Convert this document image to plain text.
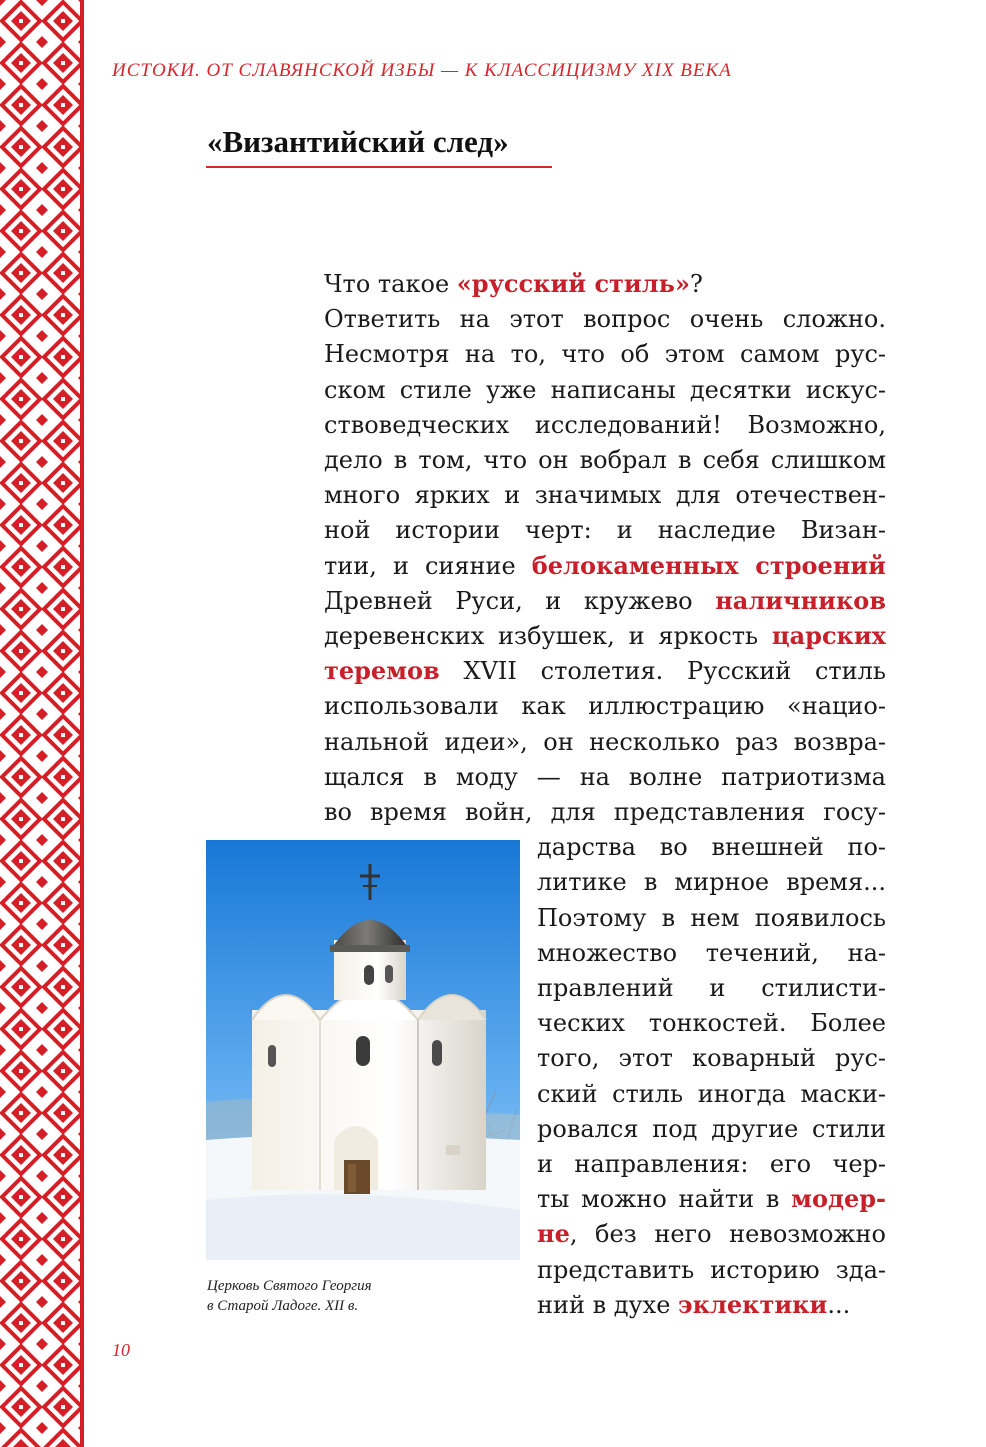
ИСТОКИ. ОТ СЛАВЯНСКОЙ ИЗБЫ — К КЛАССИЦИЗМУ XIX ВЕКА
«Византийский след»
Что такое «русский стиль»?
Ответить на этот вопрос очень сложно.
Несмотря на то, что об этом самом рус-
ском стиле уже написаны десятки искус-
ствоведческих исследований! Возможно,
дело в том, что он вобрал в себя слишком
много ярких и значимых для отечествен-
ной истории черт: и наследие Визан-
тии, и сияние белокаменных строений
Древней Руси, и кружево наличников
деревенских избушек, и яркость царских
теремов XVII столетия. Русский стиль
использовали как иллюстрацию «нацио-
нальной идеи», он несколько раз возвра-
щался в моду — на волне патриотизма
во время войн, для представления госу-
дарства во внешней по-
литике в мирное время...
Поэтому в нем появилось
множество течений, на-
правлений и стилисти-
ческих тонкостей. Более
того, этот коварный рус-
ский стиль иногда маски-
ровался под другие стили
и направления: его чер-
ты можно найти в модер-
не, без него невозможно
представить историю зда-
ний в духе эклектики...
Церковь Святого Георгия
в Старой Ладоге. XII в.
10
